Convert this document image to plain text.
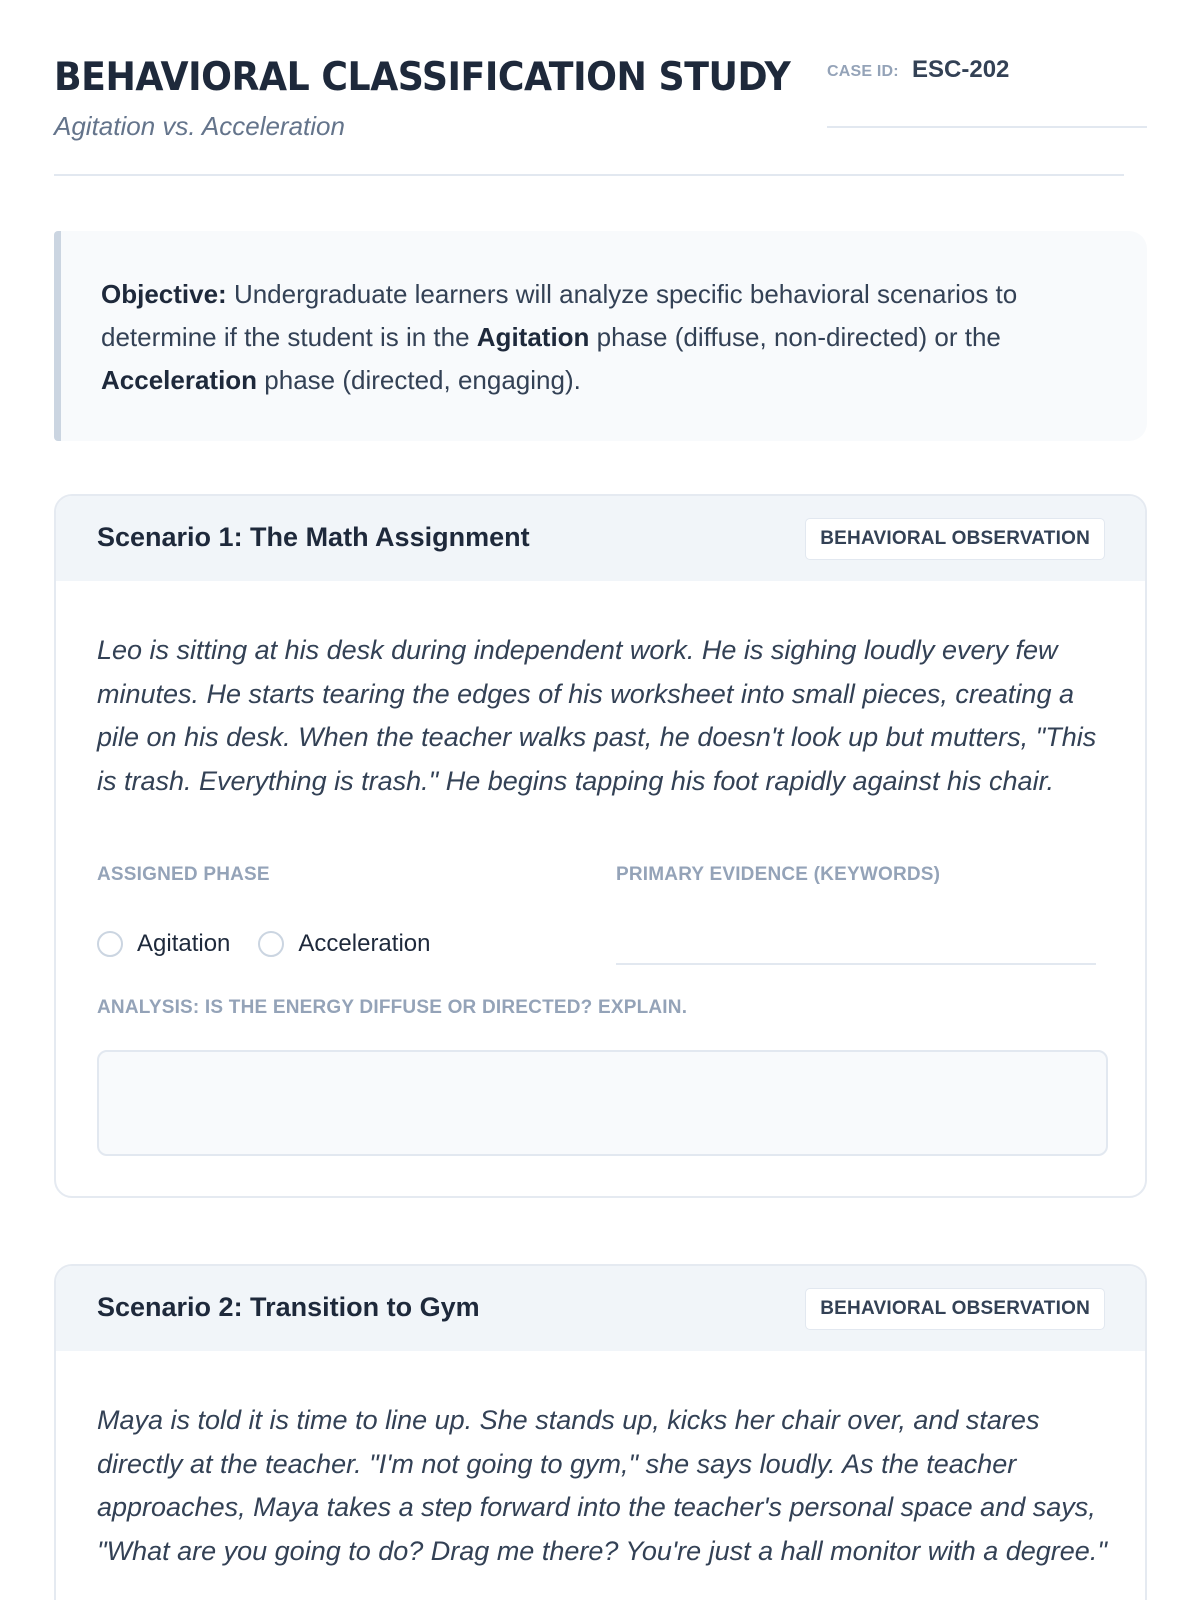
BEHAVIORAL CLASSIFICATION STUDY
Agitation vs. Acceleration
CASE ID: ESC-202
Objective: Undergraduate learners will analyze specific behavioral scenarios to determine if the student is in the Agitation phase (diffuse, non-directed) or the Acceleration phase (directed, engaging).
Scenario 1: The Math Assignment	BEHAVIORAL OBSERVATION
Leo is sitting at his desk during independent work. He is sighing loudly every few minutes. He starts tearing the edges of his worksheet into small pieces, creating a pile on his desk. When the teacher walks past, he doesn't look up but mutters, "This is trash. Everything is trash." He begins tapping his foot rapidly against his chair.
ASSIGNED PHASE
Agitation	Acceleration
PRIMARY EVIDENCE (KEYWORDS)
ANALYSIS: IS THE ENERGY DIFFUSE OR DIRECTED? EXPLAIN.
Scenario 2: Transition to Gym	BEHAVIORAL OBSERVATION
Maya is told it is time to line up. She stands up, kicks her chair over, and stares directly at the teacher. "I'm not going to gym," she says loudly. As the teacher approaches, Maya takes a step forward into the teacher's personal space and says, "What are you going to do? Drag me there? You're just a hall monitor with a degree."
